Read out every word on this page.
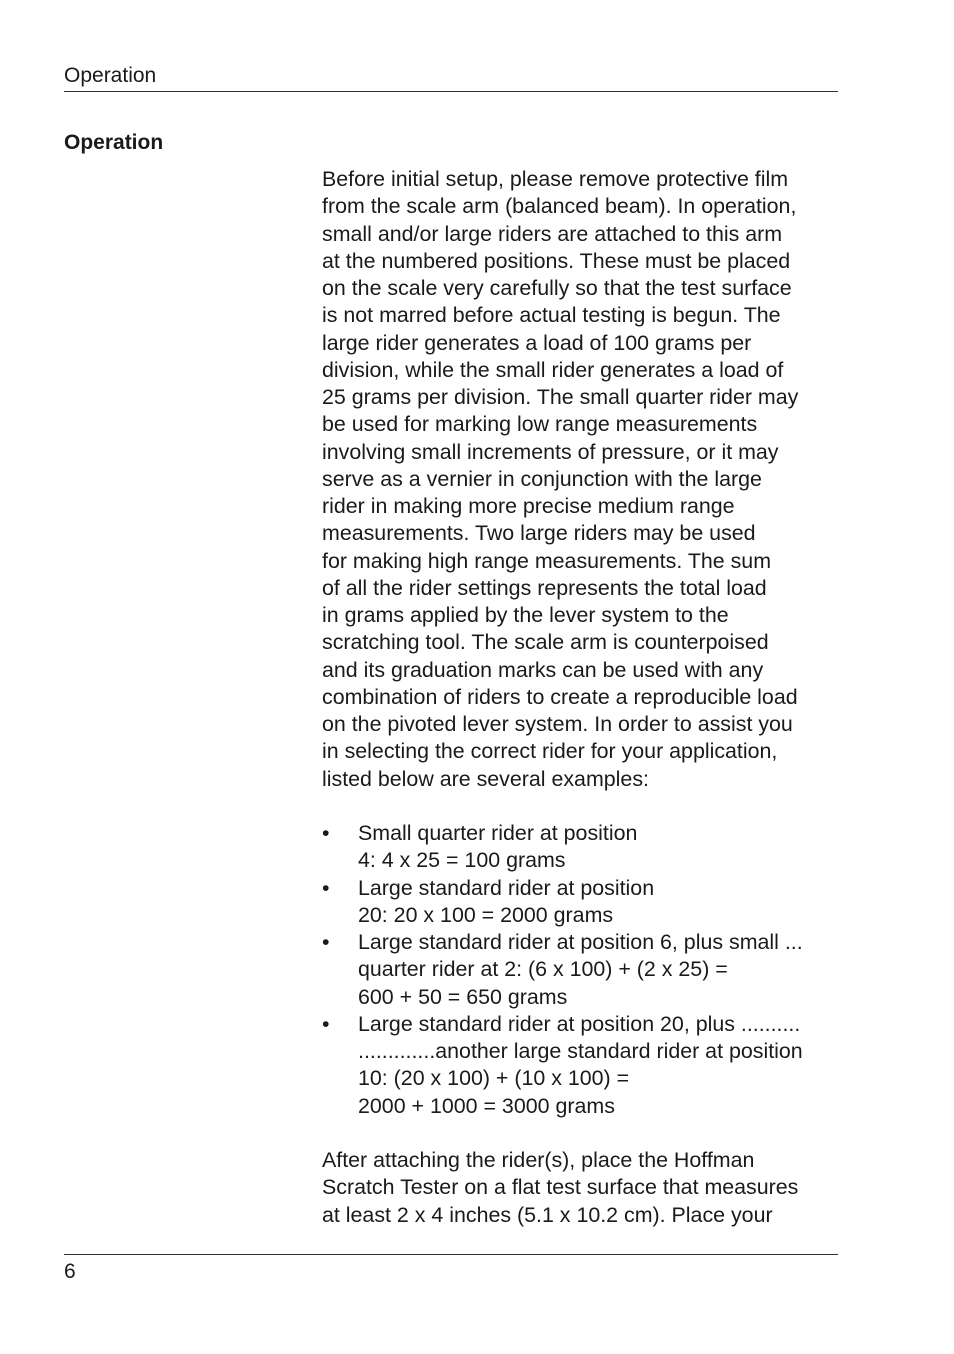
Operation
Operation
Before initial setup, please remove protective film
from the scale arm (balanced beam). In operation,
small and/or large riders are attached to this arm
at the numbered positions. These must be placed
on the scale very carefully so that the test surface
is not marred before actual testing is begun. The
large rider generates a load of 100 grams per
division, while the small rider generates a load of
25 grams per division. The small quarter rider may
be used for marking low range measurements
involving small increments of pressure, or it may
serve as a vernier in conjunction with the large
rider in making more precise medium range
measurements. Two large riders may be used
for making high range measurements. The sum
of all the rider settings represents the total load
in grams applied by the lever system to the
scratching tool. The scale arm is counterpoised
and its graduation marks can be used with any
combination of riders to create a reproducible load
on the pivoted lever system. In order to assist you
in selecting the correct rider for your application,
listed below are several examples:
•	Small quarter rider at position
4: 4 x 25 = 100 grams
•	Large standard rider at position
20: 20 x 100 = 2000 grams
•	Large standard rider at position 6, plus small ...
quarter rider at 2: (6 x 100) + (2 x 25) =
600 + 50 = 650 grams
•	Large standard rider at position 20, plus ..........
.............another large standard rider at position
10: (20 x 100) + (10 x 100) =
2000 + 1000 = 3000 grams
After attaching the rider(s), place the Hoffman
Scratch Tester on a flat test surface that measures
at least 2 x 4 inches (5.1 x 10.2 cm). Place your
6
